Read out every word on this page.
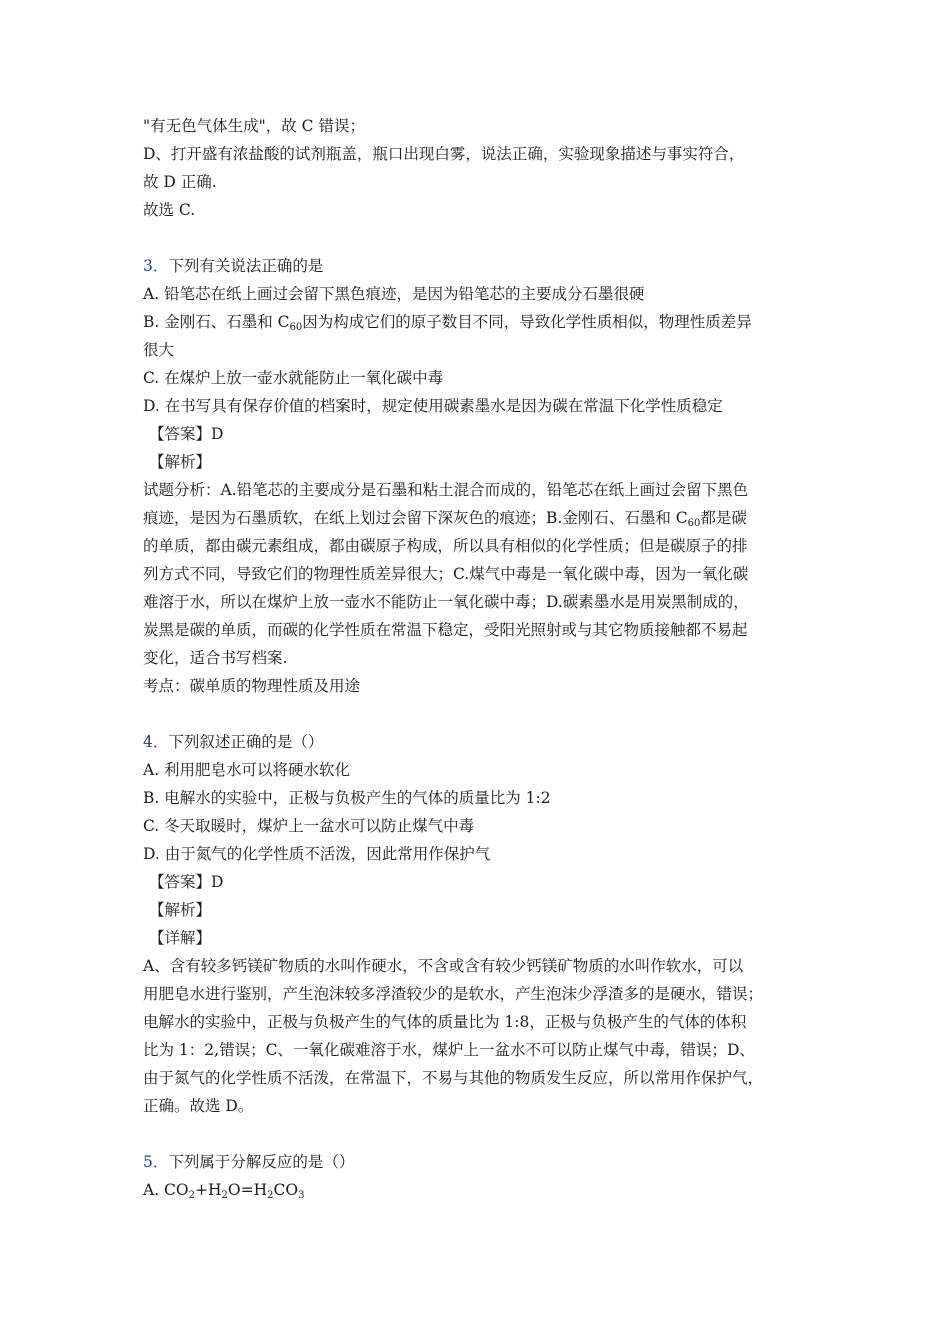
"有无色气体生成"，故 C 错误；
D、打开盛有浓盐酸的试剂瓶盖，瓶口出现白雾，说法正确，实验现象描述与事实符合，
故 D 正确.
故选 C.
3．下列有关说法正确的是
A. 铅笔芯在纸上画过会留下黑色痕迹，是因为铅笔芯的主要成分石墨很硬
B. 金刚石、石墨和 $C_{60}$因为构成它们的原子数目不同，导致化学性质相似，物理性质差异
很大
C. 在煤炉上放一壶水就能防止一氧化碳中毒
D. 在书写具有保存价值的档案时，规定使用碳素墨水是因为碳在常温下化学性质稳定
【答案】D
【解析】
试题分析：A.铅笔芯的主要成分是石墨和粘土混合而成的，铅笔芯在纸上画过会留下黑色
痕迹，是因为石墨质软，在纸上划过会留下深灰色的痕迹；B.金刚石、石墨和 $C_{60}$都是碳
的单质，都由碳元素组成，都由碳原子构成，所以具有相似的化学性质；但是碳原子的排
列方式不同，导致它们的物理性质差异很大；C.煤气中毒是一氧化碳中毒，因为一氧化碳
难溶于水，所以在煤炉上放一壶水不能防止一氧化碳中毒；D.碳素墨水是用炭黑制成的，
炭黑是碳的单质，而碳的化学性质在常温下稳定，受阳光照射或与其它物质接触都不易起
变化，适合书写档案.
考点：碳单质的物理性质及用途
4．下列叙述正确的是（）
A. 利用肥皂水可以将硬水软化
B. 电解水的实验中，正极与负极产生的气体的质量比为 1:2
C. 冬天取暖时，煤炉上一盆水可以防止煤气中毒
D. 由于氮气的化学性质不活泼，因此常用作保护气
【答案】D
【解析】
【详解】
A、含有较多钙镁矿物质的水叫作硬水，不含或含有较少钙镁矿物质的水叫作软水，可以
用肥皂水进行鉴别，产生泡沫较多浮渣较少的是软水，产生泡沫少浮渣多的是硬水，错误；
电解水的实验中，正极与负极产生的气体的质量比为 1:8，正极与负极产生的气体的体积
比为 1：2,错误；C、一氧化碳难溶于水，煤炉上一盆水不可以防止煤气中毒，错误；D、
由于氮气的化学性质不活泼，在常温下，不易与其他的物质发生反应，所以常用作保护气，
正确。故选 D。
5．下列属于分解反应的是（）
A. $CO_2+H_2O=H_2CO_3$
